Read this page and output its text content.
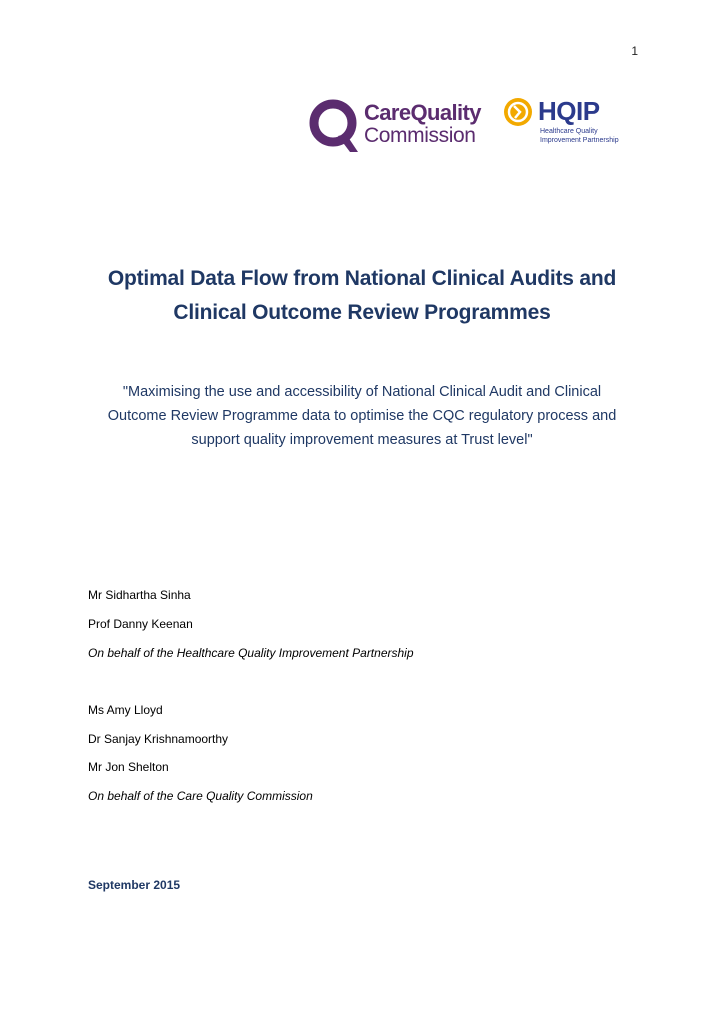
1
CareQuality
Commission
HQIP
Healthcare Quality
Improvement Partnership
Optimal Data Flow from National Clinical Audits and
Clinical Outcome Review Programmes
"Maximising the use and accessibility of National Clinical Audit and Clinical
Outcome Review Programme data to optimise the CQC regulatory process and
support quality improvement measures at Trust level"
Mr Sidhartha Sinha
Prof Danny Keenan
On behalf of the Healthcare Quality Improvement Partnership
Ms Amy Lloyd
Dr Sanjay Krishnamoorthy
Mr Jon Shelton
On behalf of the Care Quality Commission
September 2015
